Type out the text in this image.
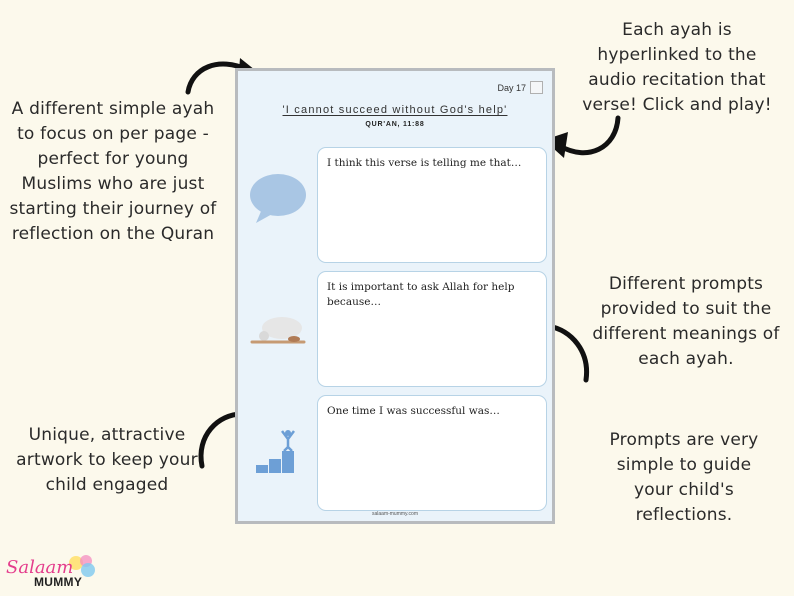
A different simple ayah to focus on per page - perfect for young Muslims who are just starting their journey of reflection on the Quran
Unique, attractive artwork to keep your child engaged
Each ayah is hyperlinked to the audio recitation that verse! Click and play!
Different prompts provided to suit the different meanings of each ayah.
Prompts are very simple to guide your child's reflections.
Day 17
'I cannot succeed without God's help'
QUR'AN, 11:88
I think this verse is telling me that…
It is important to ask Allah for help because…
One time I was successful was…
salaam-mummy.com
Salaam
MUMMY
